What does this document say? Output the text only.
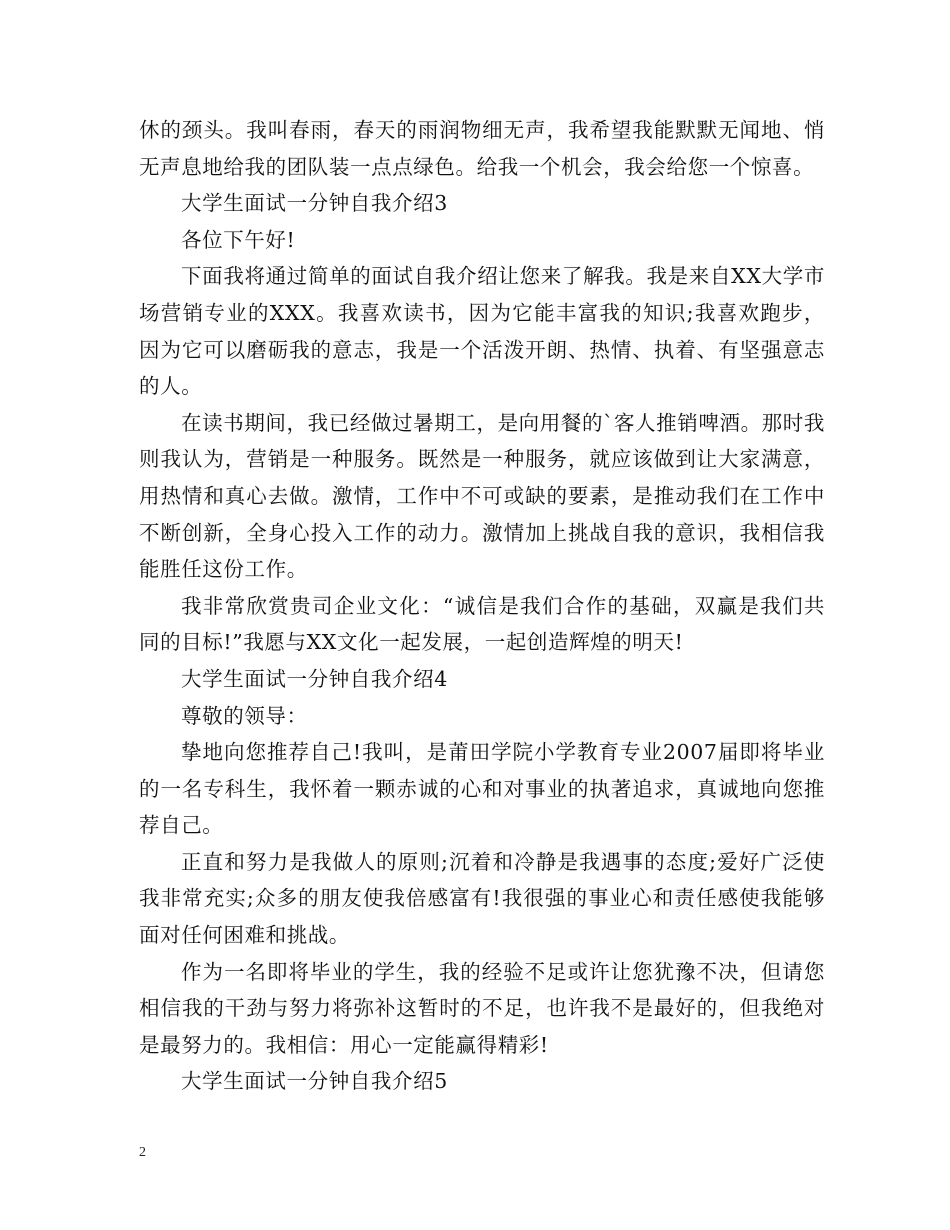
休的颈头。我叫春雨，春天的雨润物细无声，我希望我能默默无闻地、悄无声息地给我的团队装一点点绿色。给我一个机会，我会给您一个惊喜。

大学生面试一分钟自我介绍3

各位下午好!

下面我将通过简单的面试自我介绍让您来了解我。我是来自XX大学市场营销专业的XXX。我喜欢读书，因为它能丰富我的知识;我喜欢跑步，因为它可以磨砺我的意志，我是一个活泼开朗、热情、执着、有坚强意志的人。

在读书期间，我已经做过暑期工，是向用餐的`客人推销啤酒。那时我则我认为，营销是一种服务。既然是一种服务，就应该做到让大家满意，用热情和真心去做。激情，工作中不可或缺的要素，是推动我们在工作中不断创新，全身心投入工作的动力。激情加上挑战自我的意识，我相信我能胜任这份工作。

我非常欣赏贵司企业文化：“诚信是我们合作的基础，双赢是我们共同的目标!”我愿与XX文化一起发展，一起创造辉煌的明天!

大学生面试一分钟自我介绍4

尊敬的领导：

挚地向您推荐自己!我叫，是莆田学院小学教育专业2007届即将毕业的一名专科生，我怀着一颗赤诚的心和对事业的执著追求，真诚地向您推荐自己。

正直和努力是我做人的原则;沉着和冷静是我遇事的态度;爱好广泛使我非常充实;众多的朋友使我倍感富有!我很强的事业心和责任感使我能够面对任何困难和挑战。

作为一名即将毕业的学生，我的经验不足或许让您犹豫不决，但请您相信我的干劲与努力将弥补这暂时的不足，也许我不是最好的，但我绝对是最努力的。我相信：用心一定能赢得精彩!

大学生面试一分钟自我介绍5

2
